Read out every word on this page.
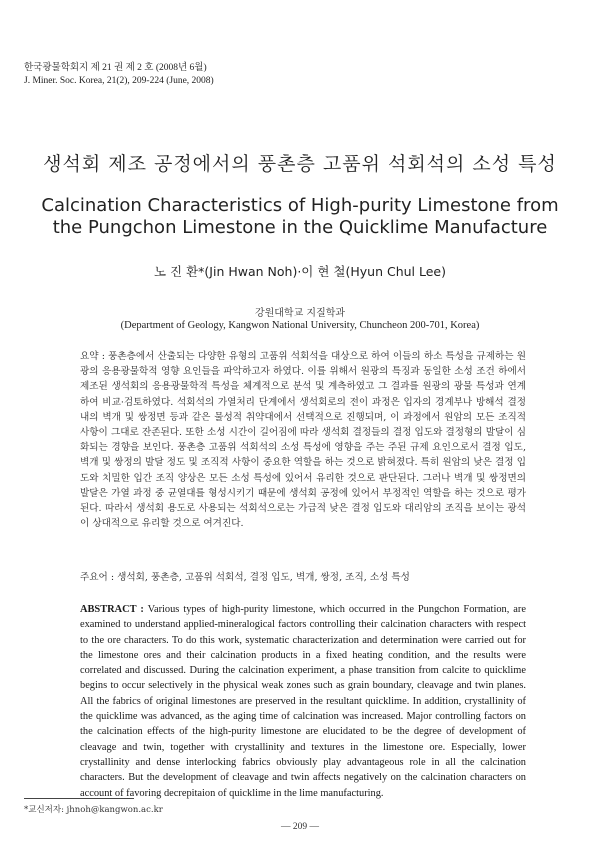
한국광물학회지 제 21 권 제 2 호 (2008년 6월)
J. Miner. Soc. Korea, 21(2), 209-224 (June, 2008)
생석회 제조 공정에서의 풍촌층 고품위 석회석의 소성 특성
Calcination Characteristics of High-purity Limestone from the Pungchon Limestone in the Quicklime Manufacture
노 진 환*(Jin Hwan Noh)·이 현 철(Hyun Chul Lee)
강원대학교 지질학과
(Department of Geology, Kangwon National University, Chuncheon 200-701, Korea)
요약 : 풍촌층에서 산출되는 다양한 유형의 고품위 석회석을 대상으로 하여 이들의 하소 특성을 규제하는 원광의 응용광물학적 영향 요인들을 파악하고자 하였다. 이를 위해서 원광의 특징과 동일한 소성 조건 하에서 제조된 생석회의 응용광물학적 특성을 체계적으로 분석 및 계측하였고 그 결과를 원광의 광물 특성과 연계하여 비교·검토하였다. 석회석의 가열처리 단계에서 생석회로의 전이 과정은 입자의 경계부나 방해석 결정 내의 벽개 및 쌍정면 등과 같은 물성적 취약대에서 선택적으로 진행되며, 이 과정에서 원암의 모든 조직적 사항이 그대로 잔존된다. 또한 소성 시간이 길어짐에 따라 생석회 결정들의 결정 입도와 결정형의 발달이 심화되는 경향을 보인다. 풍촌층 고품위 석회석의 소성 특성에 영향을 주는 주된 규제 요인으로서 결정 입도, 벽개 및 쌍정의 발달 정도 및 조직적 사항이 중요한 역할을 하는 것으로 밝혀졌다. 특히 원암의 낮은 결정 입도와 치밀한 입간 조직 양상은 모든 소성 특성에 있어서 유리한 것으로 판단된다. 그러나 벽개 및 쌍정면의 발달은 가열 과정 중 균열대를 형성시키기 때문에 생석회 공정에 있어서 부정적인 역할을 하는 것으로 평가된다. 따라서 생석회 용도로 사용되는 석회석으로는 가급적 낮은 결정 입도와 대리암의 조직을 보이는 광석이 상대적으로 유리할 것으로 여겨진다.
주요어 : 생석회, 풍촌층, 고품위 석회석, 결정 입도, 벽개, 쌍정, 조직, 소성 특성
ABSTRACT : Various types of high-purity limestone, which occurred in the Pungchon Formation, are examined to understand applied-mineralogical factors controlling their calcination characters with respect to the ore characters. To do this work, systematic characterization and determination were carried out for the limestone ores and their calcination products in a fixed heating condition, and the results were correlated and discussed. During the calcination experiment, a phase transition from calcite to quicklime begins to occur selectively in the physical weak zones such as grain boundary, cleavage and twin planes. All the fabrics of original limestones are preserved in the resultant quicklime. In addition, crystallinity of the quicklime was advanced, as the aging time of calcination was increased. Major controlling factors on the calcination effects of the high-purity limestone are elucidated to be the degree of development of cleavage and twin, together with crystallinity and textures in the limestone ore. Especially, lower crystallinity and dense interlocking fabrics obviously play advantageous role in all the calcination characters. But the development of cleavage and twin affects negatively on the calcination characters on account of favoring decrepitaion of quicklime in the lime manufacturing.
*교신저자: jhnoh@kangwon.ac.kr
— 209 —
